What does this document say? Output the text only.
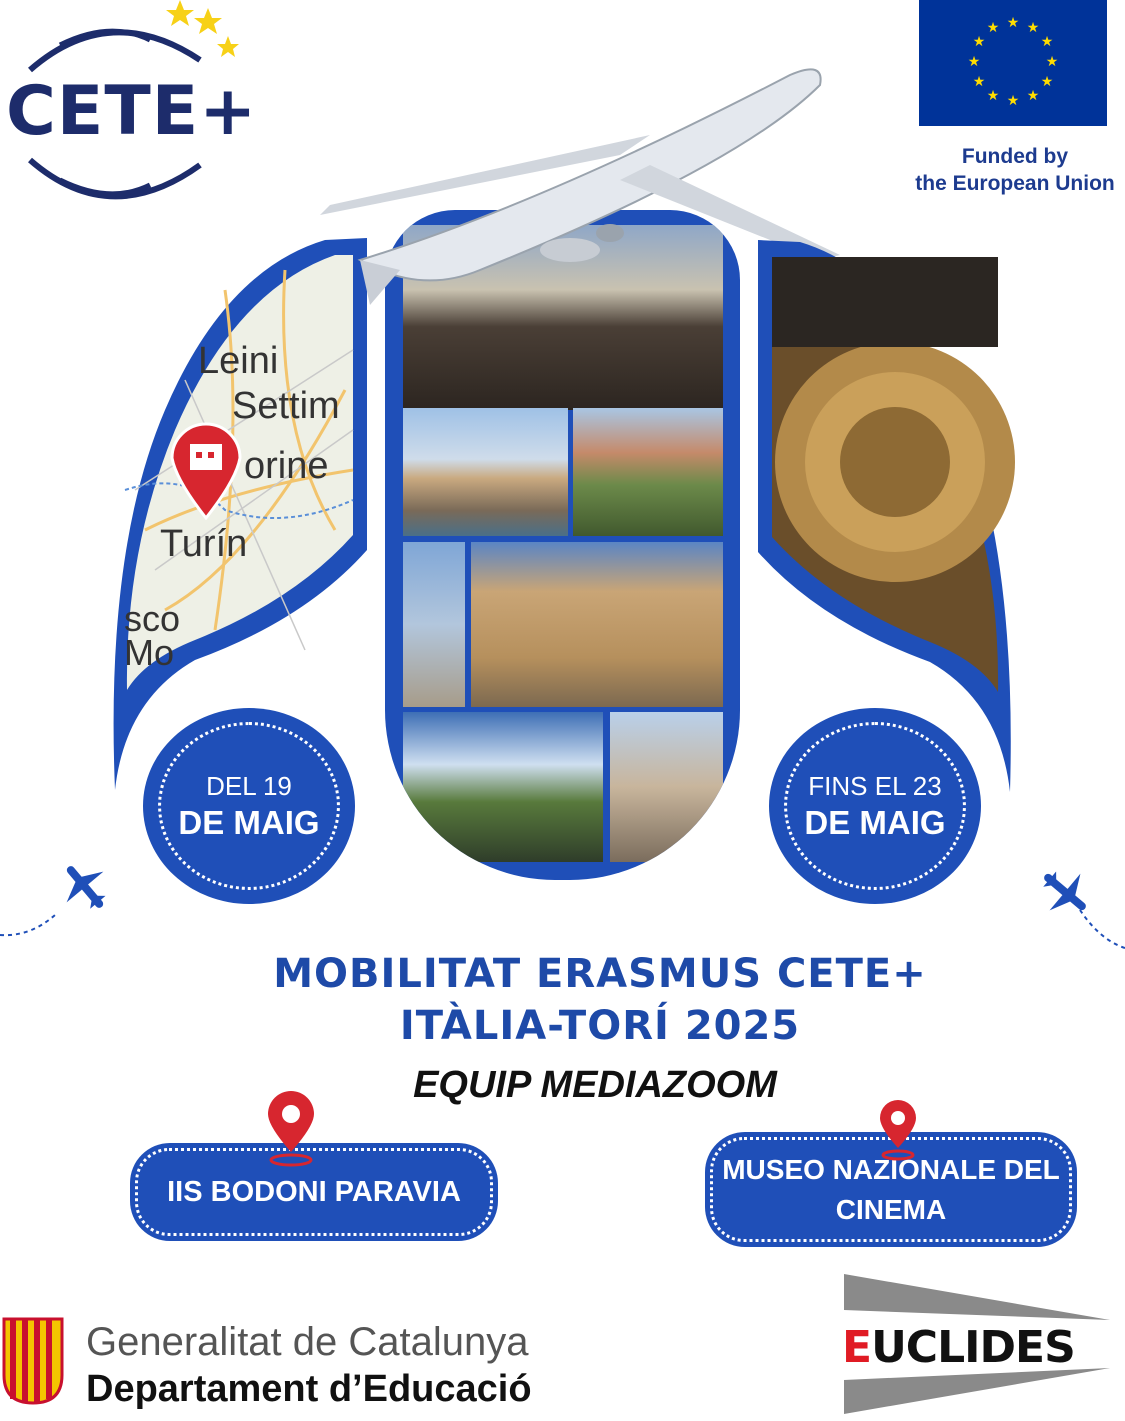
CETE+
★ ★
★
★
★
★
★
★
★
★
★
★
Funded by
the European Union
Leini
Settim
orine
Turín
sco
Mo
DEL 19
DE MAIG
FINS EL 23
DE MAIG
MOBILITAT ERASMUS CETE+
ITÀLIA-TORÍ 2025
EQUIP MEDIAZOOM
IIS BODONI PARAVIA
MUSEO NAZIONALE DEL
CINEMA
Generalitat de Catalunya
Departament d’Educació
EUCLIDES
